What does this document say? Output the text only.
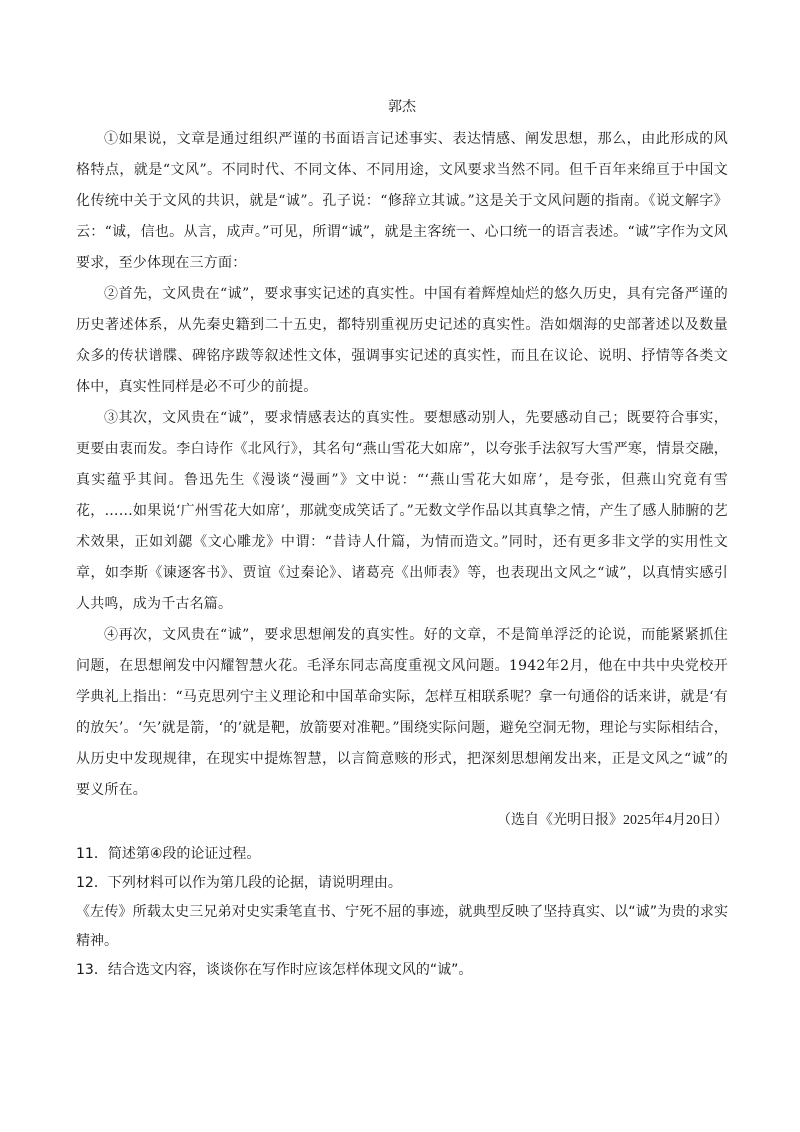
郭杰

①如果说，文章是通过组织严谨的书面语言记述事实、表达情感、阐发思想，那么，由此形成的风格特点，就是“文风”。不同时代、不同文体、不同用途，文风要求当然不同。但千百年来绵亘于中国文化传统中关于文风的共识，就是“诚”。孔子说：“修辞立其诚。”这是关于文风问题的指南。《说文解字》云：“诚，信也。从言，成声。”可见，所谓“诚”，就是主客统一、心口统一的语言表述。“诚”字作为文风要求，至少体现在三方面：

②首先，文风贵在“诚”，要求事实记述的真实性。中国有着辉煌灿烂的悠久历史，具有完备严谨的历史著述体系，从先秦史籍到二十五史，都特别重视历史记述的真实性。浩如烟海的史部著述以及数量众多的传状谱牒、碑铭序跋等叙述性文体，强调事实记述的真实性，而且在议论、说明、抒情等各类文体中，真实性同样是必不可少的前提。

③其次，文风贵在“诚”，要求情感表达的真实性。要想感动别人，先要感动自己；既要符合事实，更要由衷而发。李白诗作《北风行》，其名句“燕山雪花大如席”，以夸张手法叙写大雪严寒，情景交融，真实蕴乎其间。鲁迅先生《漫谈“漫画”》文中说：“‘燕山雪花大如席’，是夸张，但燕山究竟有雪花，……如果说‘广州雪花大如席’，那就变成笑话了。”无数文学作品以其真挚之情，产生了感人肺腑的艺术效果，正如刘勰《文心雕龙》中谓：“昔诗人什篇，为情而造文。”同时，还有更多非文学的实用性文章，如李斯《谏逐客书》、贾谊《过秦论》、诸葛亮《出师表》等，也表现出文风之“诚”，以真情实感引人共鸣，成为千古名篇。

④再次，文风贵在“诚”，要求思想阐发的真实性。好的文章，不是简单浮泛的论说，而能紧紧抓住问题，在思想阐发中闪耀智慧火花。毛泽东同志高度重视文风问题。1942年2月，他在中共中央党校开学典礼上指出：“马克思列宁主义理论和中国革命实际，怎样互相联系呢？拿一句通俗的话来讲，就是‘有的放矢’。‘矢’就是箭，‘的’就是靶，放箭要对准靶。”围绕实际问题，避免空洞无物，理论与实际相结合，从历史中发现规律，在现实中提炼智慧，以言简意赅的形式，把深刻思想阐发出来，正是文风之“诚”的要义所在。

（选自《光明日报》2025年4月20日）

11．简述第④段的论证过程。

12．下列材料可以作为第几段的论据，请说明理由。

《左传》所载太史三兄弟对史实秉笔直书、宁死不屈的事迹，就典型反映了坚持真实、以“诚”为贵的求实精神。

13．结合选文内容，谈谈你在写作时应该怎样体现文风的“诚”。
